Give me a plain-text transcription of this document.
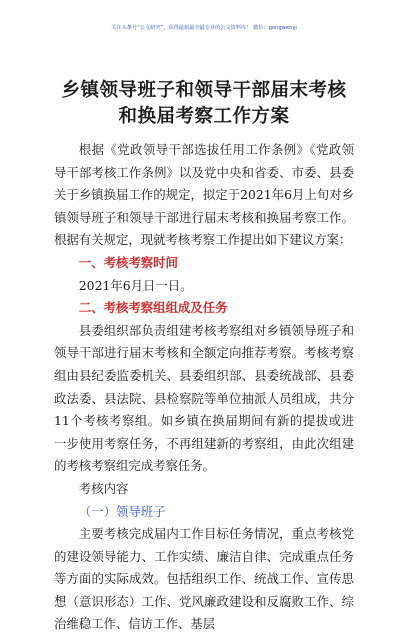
关注头条号“公文研究”，获得最新最全最专业的公文资料库！ 微信：gongwenyj
乡镇领导班子和领导干部届末考核和换届考察工作方案

根据《党政领导干部选拔任用工作条例》《党政领导干部考核工作条例》以及党中央和省委、市委、县委关于乡镇换届工作的规定，拟定于2021年6月上旬对乡镇领导班子和领导干部进行届末考核和换届考察工作。根据有关规定，现就考核考察工作提出如下建议方案：

一、考核考察时间

2021年6月日一日。

二、考核考察组组成及任务

县委组织部负责组建考核考察组对乡镇领导班子和领导干部进行届末考核和全额定向推荐考察。考核考察组由县纪委监委机关、县委组织部、县委统战部、县委政法委、县法院、县检察院等单位抽派人员组成，共分11个考核考察组。如乡镇在换届期间有新的提拔或进一步使用考察任务，不再组建新的考察组，由此次组建的考核考察组完成考察任务。

考核内容

（一）领导班子

主要考核完成届内工作目标任务情况，重点考核党的建设领导能力、工作实绩、廉洁自律、完成重点任务等方面的实际成效。包括组织工作、统战工作、宣传思想（意识形态）工作、党风廉政建设和反腐败工作、综治维稳工作、信访工作、基层
